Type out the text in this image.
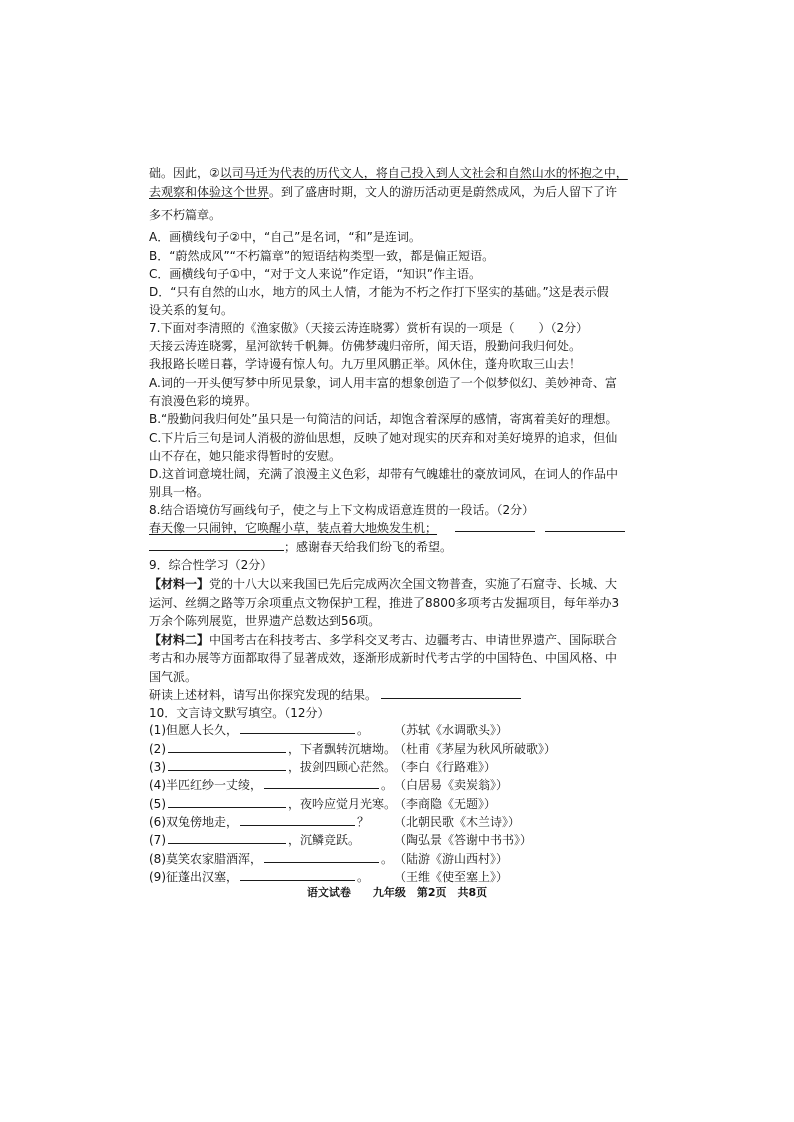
础。因此，②以司马迁为代表的历代文人，将自己投入到人文社会和自然山水的怀抱之中，
去观察和体验这个世界。到了盛唐时期，文人的游历活动更是蔚然成风，为后人留下了许
多不朽篇章。
A．画横线句子②中，“自己”是名词，“和”是连词。
B．“蔚然成风”“不朽篇章”的短语结构类型一致，都是偏正短语。
C．画横线句子①中，“对于文人来说”作定语，“知识”作主语。
D．“只有自然的山水，地方的风土人情，才能为不朽之作打下坚实的基础。”这是表示假
设关系的复句。
7.下面对李清照的《渔家傲》（天接云涛连晓雾）赏析有误的一项是（　　）（2分）
天接云涛连晓雾，星河欲转千帆舞。仿佛梦魂归帝所，闻天语，殷勤问我归何处。
我报路长嗟日暮，学诗谩有惊人句。九万里风鹏正举。风休住，蓬舟吹取三山去！
A.词的一开头便写梦中所见景象，词人用丰富的想象创造了一个似梦似幻、美妙神奇、富
有浪漫色彩的境界。
B.“殷勤问我归何处”虽只是一句简洁的问话，却饱含着深厚的感情，寄寓着美好的理想。
C.下片后三句是词人消极的游仙思想，反映了她对现实的厌弃和对美好境界的追求，但仙
山不存在，她只能求得暂时的安慰。
D.这首词意境壮阔，充满了浪漫主义色彩，却带有气魄雄壮的豪放词风，在词人的作品中
别具一格。
8.结合语境仿写画线句子，使之与上下文构成语意连贯的一段话。（2分）
春天像一只闹钟，它唤醒小草，装点着大地焕发生机；
；感谢春天给我们纷飞的希望。
9．综合性学习（2分）
【材料一】党的十八大以来我国已先后完成两次全国文物普查，实施了石窟寺、长城、大
运河、丝绸之路等万余项重点文物保护工程，推进了8800多项考古发掘项目，每年举办3
万余个陈列展览，世界遗产总数达到56项。
【材料二】中国考古在科技考古、多学科交叉考古、边疆考古、申请世界遗产、国际联合
考古和办展等方面都取得了显著成效，逐渐形成新时代考古学的中国特色、中国风格、中
国气派。
研读上述材料，请写出你探究发现的结果。
10．文言诗文默写填空。（12分）
(1)但愿人长久，	。 （苏轼《水调歌头》）
(2)	，下者飘转沉塘坳。
（杜甫《茅屋为秋风所破歌》）
(3)	，拔剑四顾心茫然。
（李白《行路难》）
(4)半匹红纱一丈绫，	。 （白居易《卖炭翁》）
(5)	，夜吟应觉月光寒。
（李商隐《无题》）
(6)双兔傍地走，	？ （北朝民歌《木兰诗》）
(7)	，沉鳞竞跃。	（陶弘景《答谢中书书》）
(8)莫笑农家腊酒浑，	。 （陆游《游山西村》）
(9)征蓬出汉塞，	。 （王维《使至塞上》）
语文试卷　　九年级　第2页　共8页
